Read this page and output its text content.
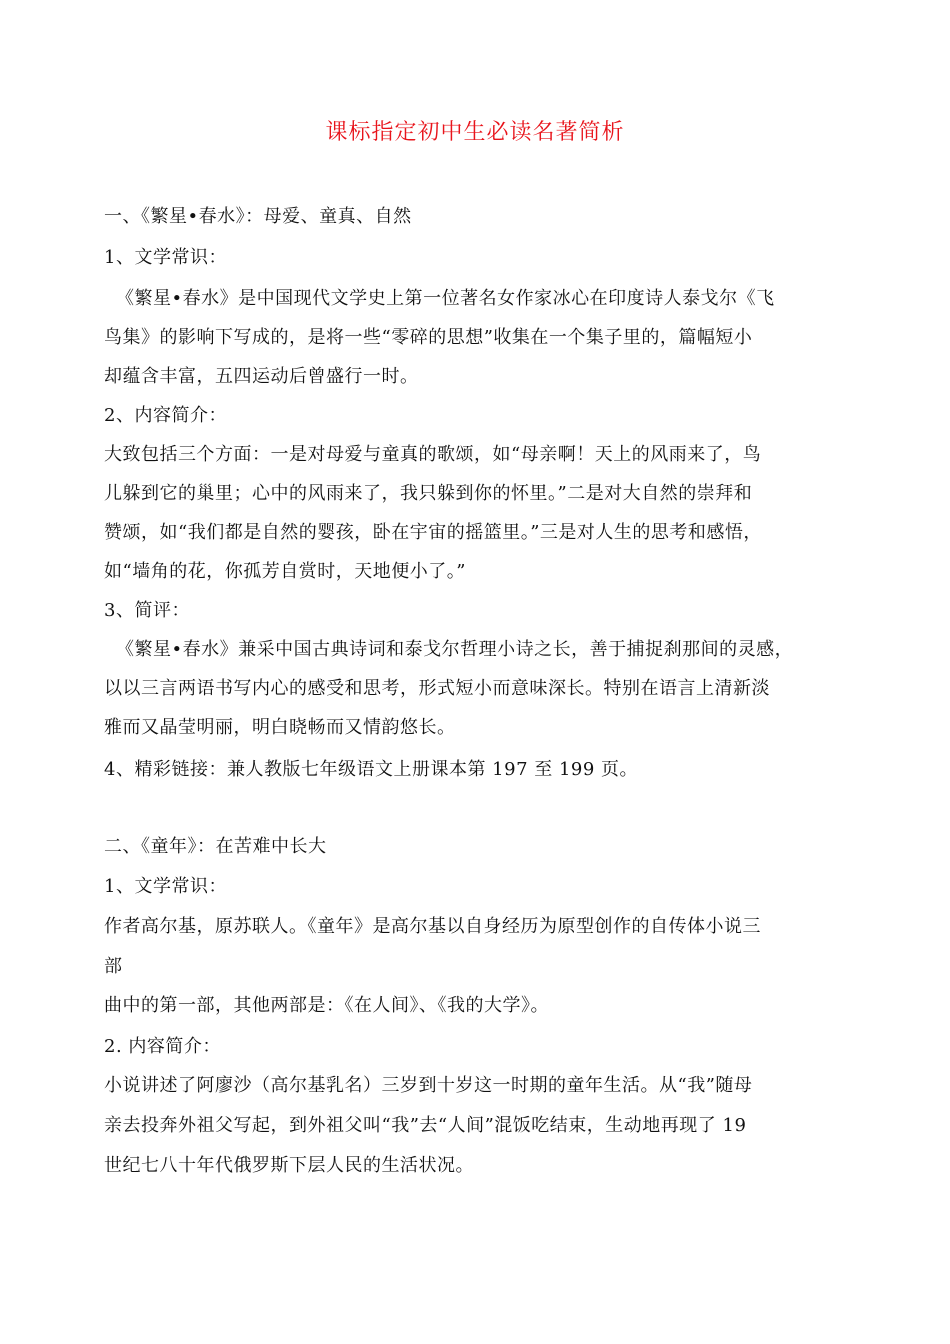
课标指定初中生必读名著简析
一、《繁星•春水》：母爱、童真、自然
1、文学常识：
《繁星•春水》是中国现代文学史上第一位著名女作家冰心在印度诗人泰戈尔《飞
鸟集》的影响下写成的，是将一些“零碎的思想”收集在一个集子里的，篇幅短小
却蕴含丰富，五四运动后曾盛行一时。
2、内容简介：
大致包括三个方面：一是对母爱与童真的歌颂，如“母亲啊！天上的风雨来了，鸟
儿躲到它的巢里；心中的风雨来了，我只躲到你的怀里。”二是对大自然的崇拜和
赞颂，如“我们都是自然的婴孩，卧在宇宙的摇篮里。”三是对人生的思考和感悟，
如“墙角的花，你孤芳自赏时，天地便小了。”
3、简评：
《繁星•春水》兼采中国古典诗词和泰戈尔哲理小诗之长，善于捕捉刹那间的灵感，
以以三言两语书写内心的感受和思考，形式短小而意味深长。特别在语言上清新淡
雅而又晶莹明丽，明白晓畅而又情韵悠长。
4、精彩链接：兼人教版七年级语文上册课本第 197 至 199 页。
二、《童年》：在苦难中长大
1、文学常识：
作者高尔基，原苏联人。《童年》是高尔基以自身经历为原型创作的自传体小说三
部
曲中的第一部，其他两部是：《在人间》、《我的大学》。
2. 内容简介：
小说讲述了阿廖沙（高尔基乳名）三岁到十岁这一时期的童年生活。从“我”随母
亲去投奔外祖父写起，到外祖父叫“我”去“人间”混饭吃结束，生动地再现了 19
世纪七八十年代俄罗斯下层人民的生活状况。
